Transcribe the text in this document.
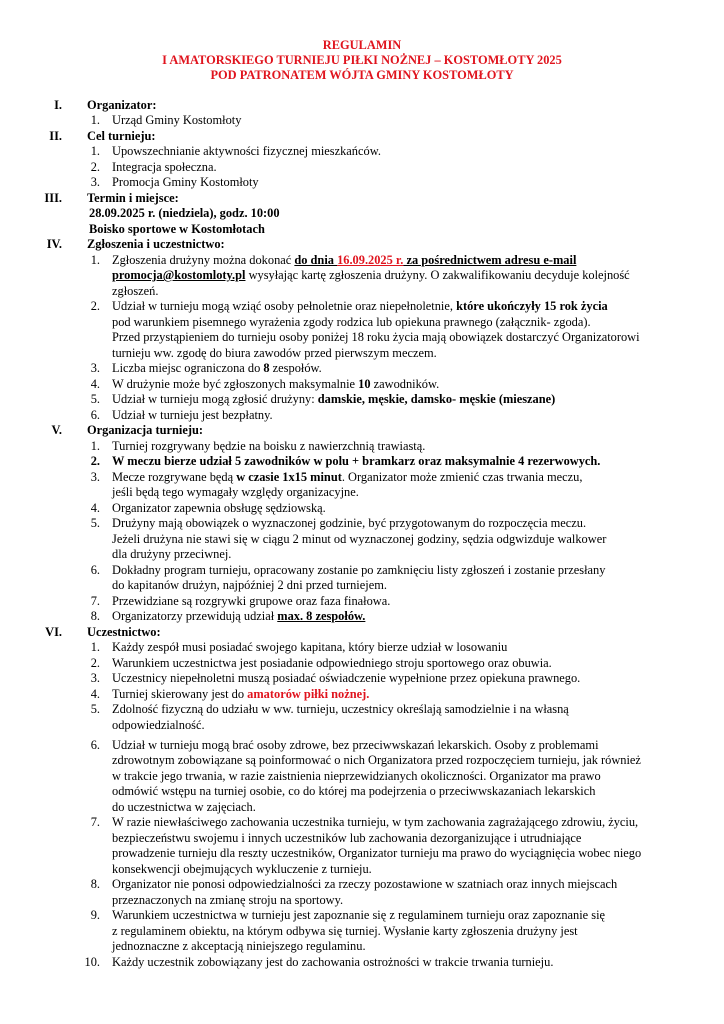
REGULAMIN
I AMATORSKIEGO TURNIEJU PIŁKI NOŻNEJ – KOSTOMŁOTY 2025
POD PATRONATEM WÓJTA GMINY KOSTOMŁOTY
I. Organizator:
1. Urząd Gminy Kostomłoty
II. Cel turnieju:
1. Upowszechnianie aktywności fizycznej mieszkańców.
2. Integracja społeczna.
3. Promocja Gminy Kostomłoty
III. Termin i miejsce:
28.09.2025 r. (niedziela), godz. 10:00
Boisko sportowe w Kostomłotach
IV. Zgłoszenia i uczestnictwo:
1. Zgłoszenia drużyny można dokonać do dnia 16.09.2025 r. za pośrednictwem adresu e-mail
promocja@kostomloty.pl wysyłając kartę zgłoszenia drużyny. O zakwalifikowaniu decyduje kolejność
zgłoszeń.
2. Udział w turnieju mogą wziąć osoby pełnoletnie oraz niepełnoletnie, które ukończyły 15 rok życia
pod warunkiem pisemnego wyrażenia zgody rodzica lub opiekuna prawnego (załącznik- zgoda).
Przed przystąpieniem do turnieju osoby poniżej 18 roku życia mają obowiązek dostarczyć Organizatorowi
turnieju ww. zgodę do biura zawodów przed pierwszym meczem.
3. Liczba miejsc ograniczona do 8 zespołów.
4. W drużynie może być zgłoszonych maksymalnie 10 zawodników.
5. Udział w turnieju mogą zgłosić drużyny: damskie, męskie, damsko- męskie (mieszane)
6. Udział w turnieju jest bezpłatny.
V. Organizacja turnieju:
1. Turniej rozgrywany będzie na boisku z nawierzchnią trawiastą.
2. W meczu bierze udział 5 zawodników w polu + bramkarz oraz maksymalnie 4 rezerwowych.
3. Mecze rozgrywane będą w czasie 1x15 minut. Organizator może zmienić czas trwania meczu,
jeśli będą tego wymagały względy organizacyjne.
4. Organizator zapewnia obsługę sędziowską.
5. Drużyny mają obowiązek o wyznaczonej godzinie, być przygotowanym do rozpoczęcia meczu.
Jeżeli drużyna nie stawi się w ciągu 2 minut od wyznaczonej godziny, sędzia odgwizduje walkower
dla drużyny przeciwnej.
6. Dokładny program turnieju, opracowany zostanie po zamknięciu listy zgłoszeń i zostanie przesłany
do kapitanów drużyn, najpóźniej 2 dni przed turniejem.
7. Przewidziane są rozgrywki grupowe oraz faza finałowa.
8. Organizatorzy przewidują udział max. 8 zespołów.
VI. Uczestnictwo:
1. Każdy zespół musi posiadać swojego kapitana, który bierze udział w losowaniu
2. Warunkiem uczestnictwa jest posiadanie odpowiedniego stroju sportowego oraz obuwia.
3. Uczestnicy niepełnoletni muszą posiadać oświadczenie wypełnione przez opiekuna prawnego.
4. Turniej skierowany jest do amatorów piłki nożnej.
5. Zdolność fizyczną do udziału w ww. turnieju, uczestnicy określają samodzielnie i na własną
odpowiedzialność.
6. Udział w turnieju mogą brać osoby zdrowe, bez przeciwwskazań lekarskich. Osoby z problemami
zdrowotnym zobowiązane są poinformować o nich Organizatora przed rozpoczęciem turnieju, jak również
w trakcie jego trwania, w razie zaistnienia nieprzewidzianych okoliczności. Organizator ma prawo
odmówić wstępu na turniej osobie, co do której ma podejrzenia o przeciwwskazaniach lekarskich
do uczestnictwa w zajęciach.
7. W razie niewłaściwego zachowania uczestnika turnieju, w tym zachowania zagrażającego zdrowiu, życiu,
bezpieczeństwu swojemu i innych uczestników lub zachowania dezorganizujące i utrudniające
prowadzenie turnieju dla reszty uczestników, Organizator turnieju ma prawo do wyciągnięcia wobec niego
konsekwencji obejmujących wykluczenie z turnieju.
8. Organizator nie ponosi odpowiedzialności za rzeczy pozostawione w szatniach oraz innych miejscach
przeznaczonych na zmianę stroju na sportowy.
9. Warunkiem uczestnictwa w turnieju jest zapoznanie się z regulaminem turnieju oraz zapoznanie się
z regulaminem obiektu, na którym odbywa się turniej. Wysłanie karty zgłoszenia drużyny jest
jednoznaczne z akceptacją niniejszego regulaminu.
10. Każdy uczestnik zobowiązany jest do zachowania ostrożności w trakcie trwania turnieju.
